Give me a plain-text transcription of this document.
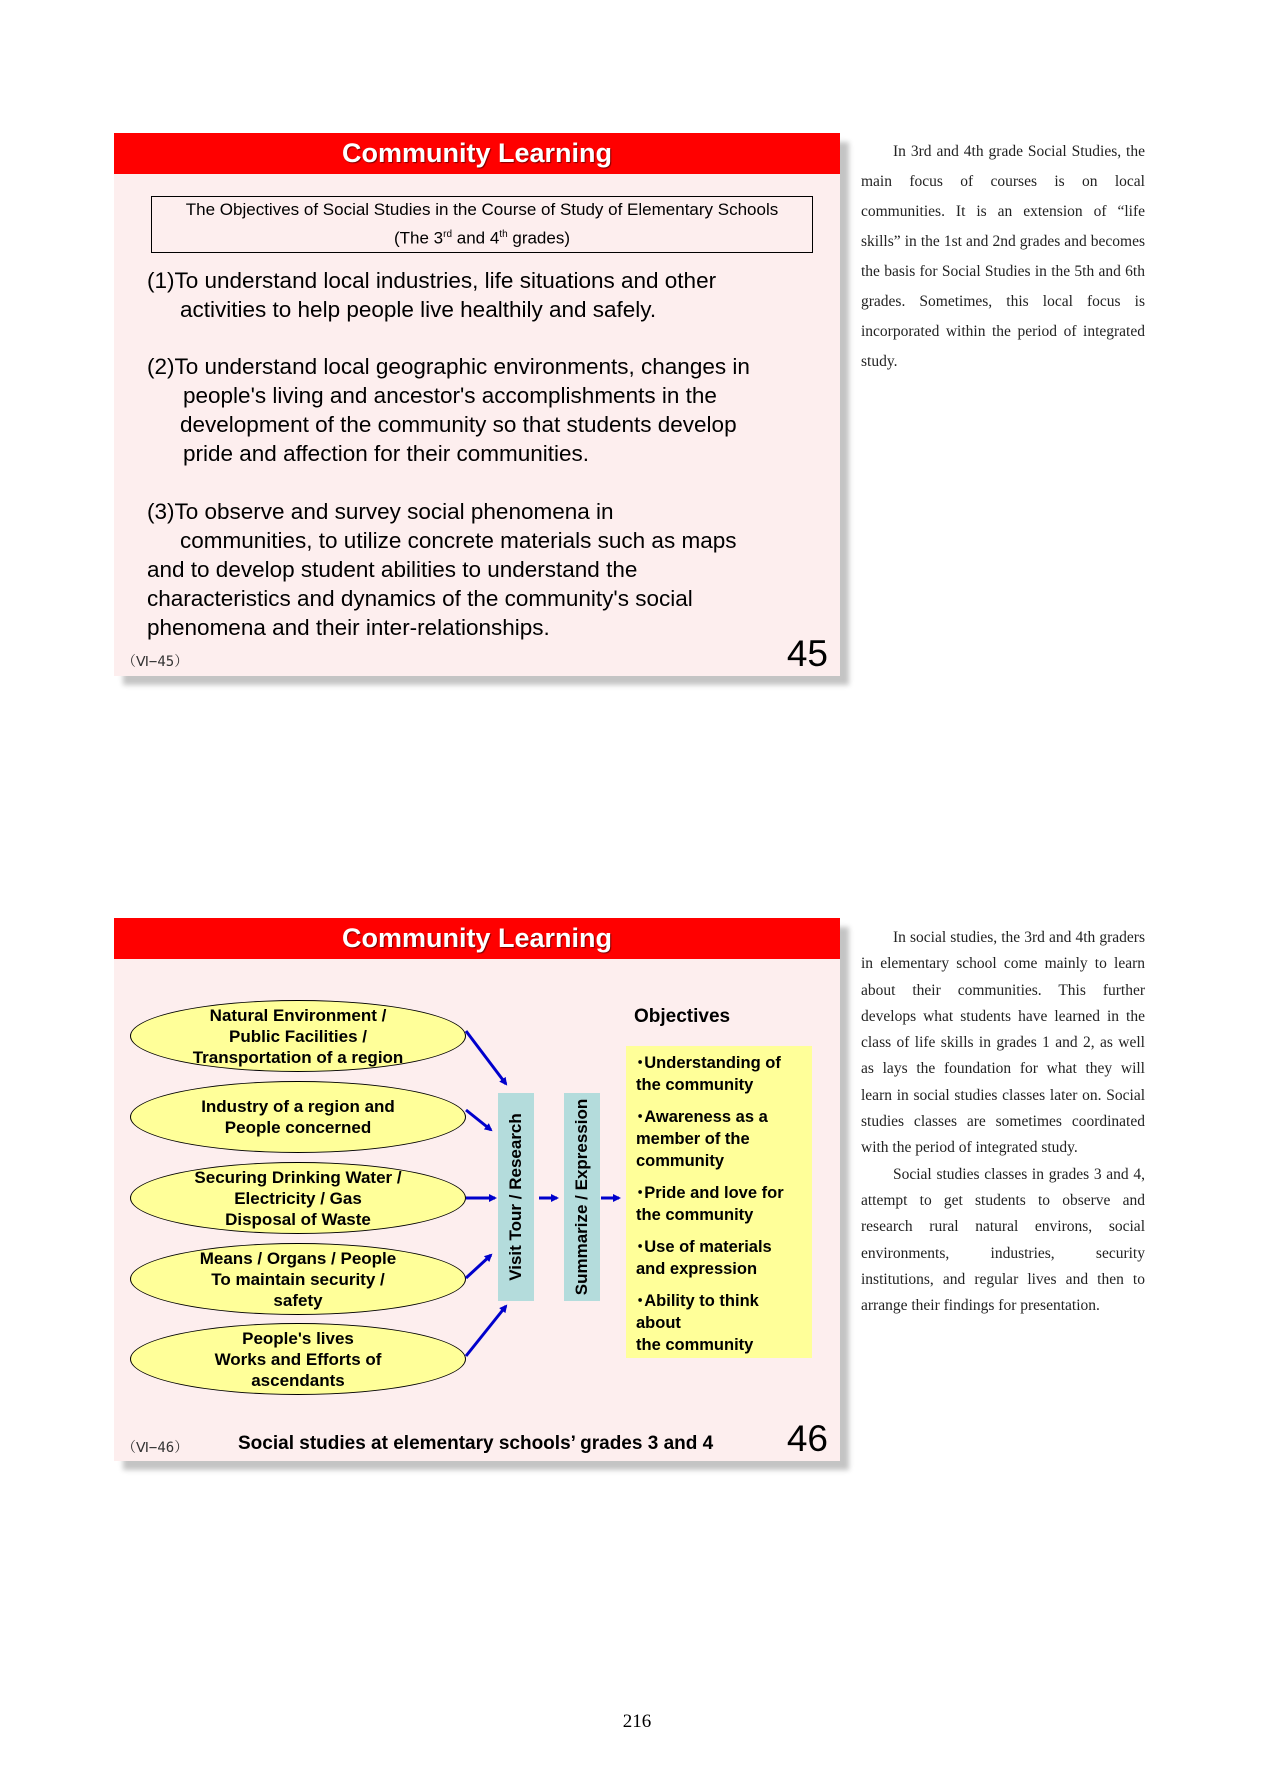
Community Learning

The Objectives of Social Studies in the Course of Study of Elementary Schools

(The 3rd and 4th grades)

(1)To understand local industries, life situations and other
activities to help people live healthily and safely.
(2)To understand local geographic environments, changes in
people's living and ancestor's accomplishments in the
development of the community so that students develop
pride and affection for their communities.
(3)To observe and survey social phenomena in
communities, to utilize concrete materials such as maps
and to develop student abilities to understand the
characteristics and dynamics of the community's social
phenomena and their inter-relationships.
（Ⅵ−45）	45

In 3rd and 4th grade Social Studies, the main focus of courses is on local communities. It is an extension of “life skills” in the 1st and 2nd grades and becomes the basis for Social Studies in the 5th and 6th grades. Sometimes, this local focus is incorporated within the period of integrated study.

Community Learning
Natural Environment /
Public Facilities /
Transportation of a region
Industry of a region and
People concerned
Securing Drinking Water /
Electricity / Gas
Disposal of Waste
Means / Organs / People
To maintain security /
safety
People's lives
Works and Efforts of
ascendants
Visit Tour / Research	Summarize / Expression
Objectives
･Understanding of
the community
･Awareness as a
member of the
community
･Pride and love for
the community
･Use of materials
and expression
･Ability to think about
the community
（Ⅵ−46）	Social studies at elementary schools’ grades 3 and 4 46

In social studies, the 3rd and 4th graders in elementary school come mainly to learn about their communities. This further develops what students have learned in the class of life skills in grades 1 and 2, as well as lays the foundation for what they will learn in social studies classes later on. Social studies classes are sometimes coordinated with the period of integrated study.

Social studies classes in grades 3 and 4, attempt to get students to observe and research rural natural environs, social environments, industries, security institutions, and regular lives and then to arrange their findings for presentation.

216
